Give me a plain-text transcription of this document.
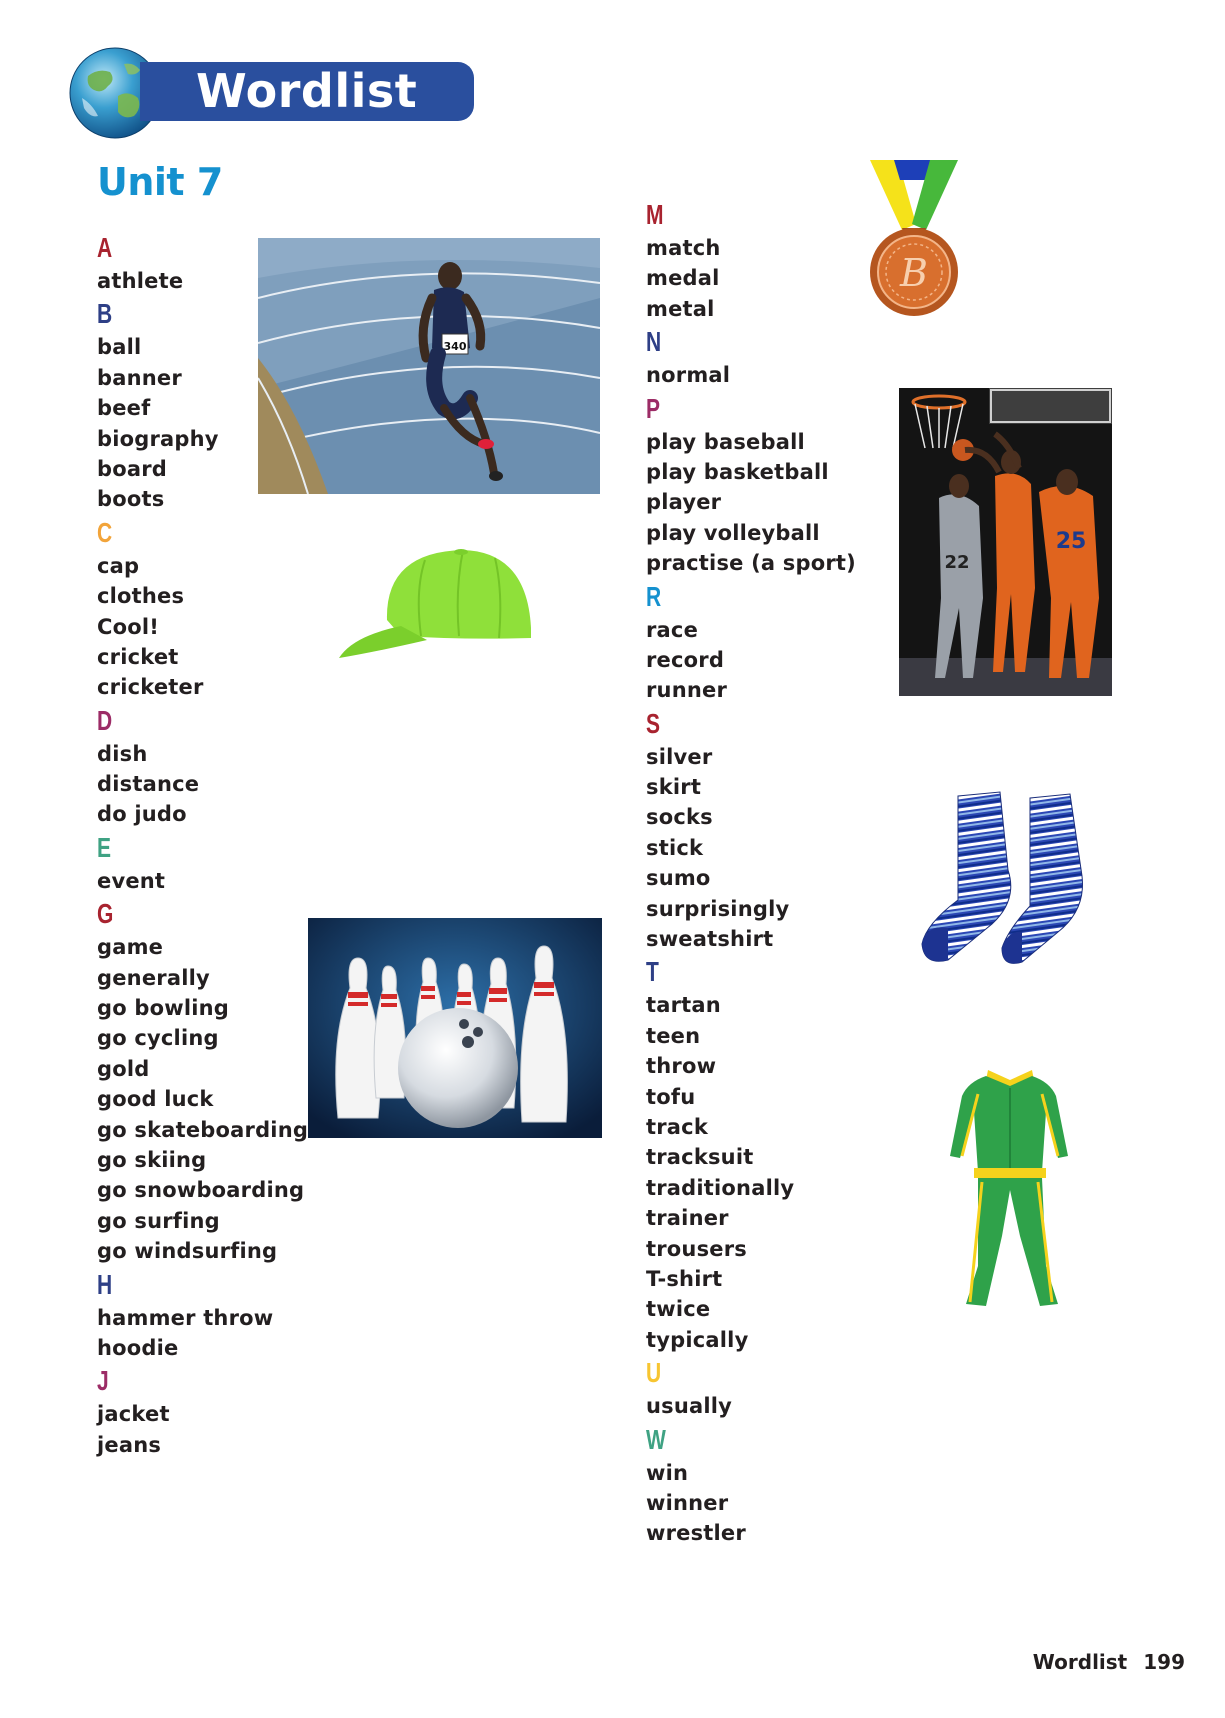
Wordlist
Unit 7
A
athlete
B
ball
banner
beef
biography
board
boots
C
cap
clothes
Cool!
cricket
cricketer
D
dish
distance
do judo
E
event
G
game
generally
go bowling
go cycling
gold
good luck
go skateboarding
go skiing
go snowboarding
go surfing
go windsurfing
H
hammer throw
hoodie
J
jacket
jeans
M
match
medal
metal
N
normal
P
play baseball
play basketball
player
play volleyball
practise (a sport)
R
race
record
runner
S
silver
skirt
socks
stick
sumo
surprisingly
sweatshirt
T
tartan
teen
throw
tofu
track
tracksuit
traditionally
trainer
trousers
T-shirt
twice
typically
U
usually
W
win
winner
wrestler
340
B
22
25
Wordlist 199
